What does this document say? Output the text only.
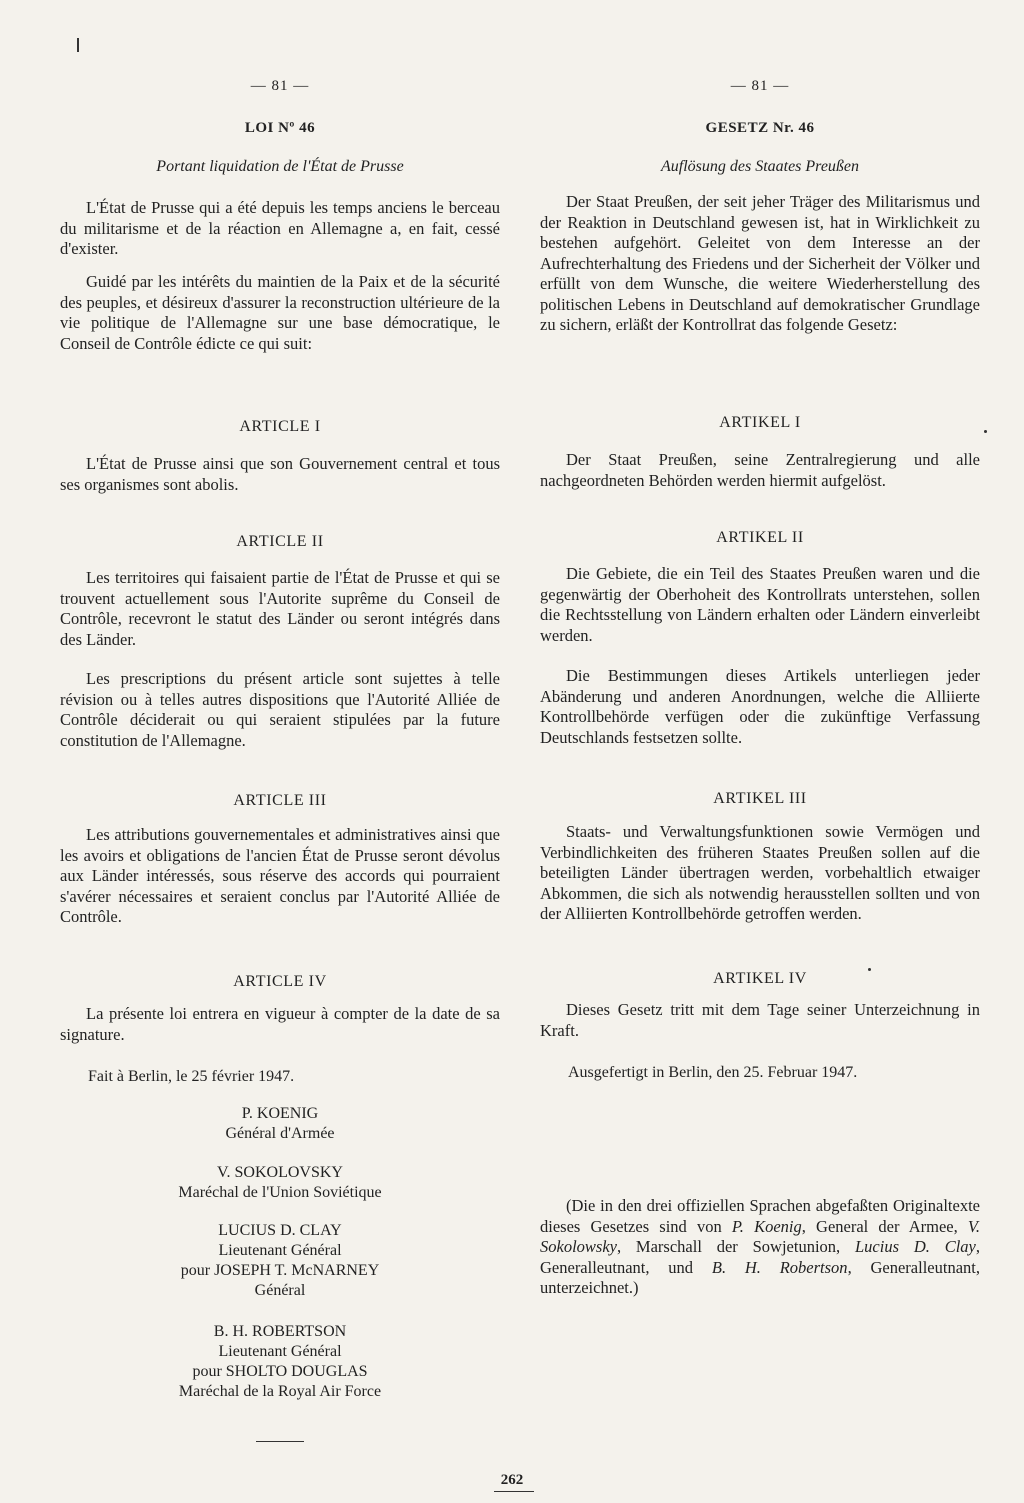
— 81 —
LOI Nº 46
Portant liquidation de l'État de Prusse

L'État de Prusse qui a été depuis les temps anciens le berceau du militarisme et de la réaction en Allemagne a, en fait, cessé d'exister.

Guidé par les intérêts du maintien de la Paix et de la sécurité des peuples, et désireux d'assurer la reconstruction ultérieure de la vie politique de l'Allemagne sur une base démocratique, le Conseil de Contrôle édicte ce qui suit:

ARTICLE I

L'État de Prusse ainsi que son Gouvernement central et tous ses organismes sont abolis.

ARTICLE II

Les territoires qui faisaient partie de l'État de Prusse et qui se trouvent actuellement sous l'Autorite suprême du Conseil de Contrôle, recevront le statut des Länder ou seront intégrés dans des Länder.

Les prescriptions du présent article sont sujettes à telle révision ou à telles autres dispositions que l'Autorité Alliée de Contrôle déciderait ou qui seraient stipulées par la future constitution de l'Allemagne.

ARTICLE III

Les attributions gouvernementales et administratives ainsi que les avoirs et obligations de l'ancien État de Prusse seront dévolus aux Länder intéressés, sous réserve des accords qui pourraient s'avérer nécessaires et seraient conclus par l'Autorité Alliée de Contrôle.

ARTICLE IV

La présente loi entrera en vigueur à compter de la date de sa signature.

Fait à Berlin, le 25 février 1947.
P. KOENIG
Général d'Armée
V. SOKOLOVSKY
Maréchal de l'Union Soviétique
LUCIUS D. CLAY
Lieutenant Général
pour JOSEPH T. McNARNEY
Général
B. H. ROBERTSON
Lieutenant Général
pour SHOLTO DOUGLAS
Maréchal de la Royal Air Force
— 81 —
GESETZ Nr. 46
Auflösung des Staates Preußen

Der Staat Preußen, der seit jeher Träger des Militarismus und der Reaktion in Deutschland gewesen ist, hat in Wirklichkeit zu bestehen aufgehört. Geleitet von dem Interesse an der Aufrechterhaltung des Friedens und der Sicherheit der Völker und erfüllt von dem Wunsche, die weitere Wiederherstellung des politischen Lebens in Deutschland auf demokratischer Grundlage zu sichern, erläßt der Kontrollrat das folgende Gesetz:

ARTIKEL I

Der Staat Preußen, seine Zentralregierung und alle nachgeordneten Behörden werden hiermit aufgelöst.

ARTIKEL II

Die Gebiete, die ein Teil des Staates Preußen waren und die gegenwärtig der Oberhoheit des Kontrollrats unterstehen, sollen die Rechtsstellung von Ländern erhalten oder Ländern einverleibt werden.

Die Bestimmungen dieses Artikels unterliegen jeder Abänderung und anderen Anordnungen, welche die Alliierte Kontrollbehörde verfügen oder die zukünftige Verfassung Deutschlands festsetzen sollte.

ARTIKEL III

Staats- und Verwaltungsfunktionen sowie Vermögen und Verbindlichkeiten des früheren Staates Preußen sollen auf die beteiligten Länder übertragen werden, vorbehaltlich etwaiger Abkommen, die sich als notwendig herausstellen sollten und von der Alliierten Kontrollbehörde getroffen werden.

ARTIKEL IV

Dieses Gesetz tritt mit dem Tage seiner Unterzeichnung in Kraft.

Ausgefertigt in Berlin, den 25. Februar 1947.

(Die in den drei offiziellen Sprachen abgefaßten Originaltexte dieses Gesetzes sind von P. Koenig, General der Armee, V. Sokolowsky, Marschall der Sowjetunion, Lucius D. Clay, Generalleutnant, und B. H. Robertson, Generalleutnant, unterzeichnet.)

262
